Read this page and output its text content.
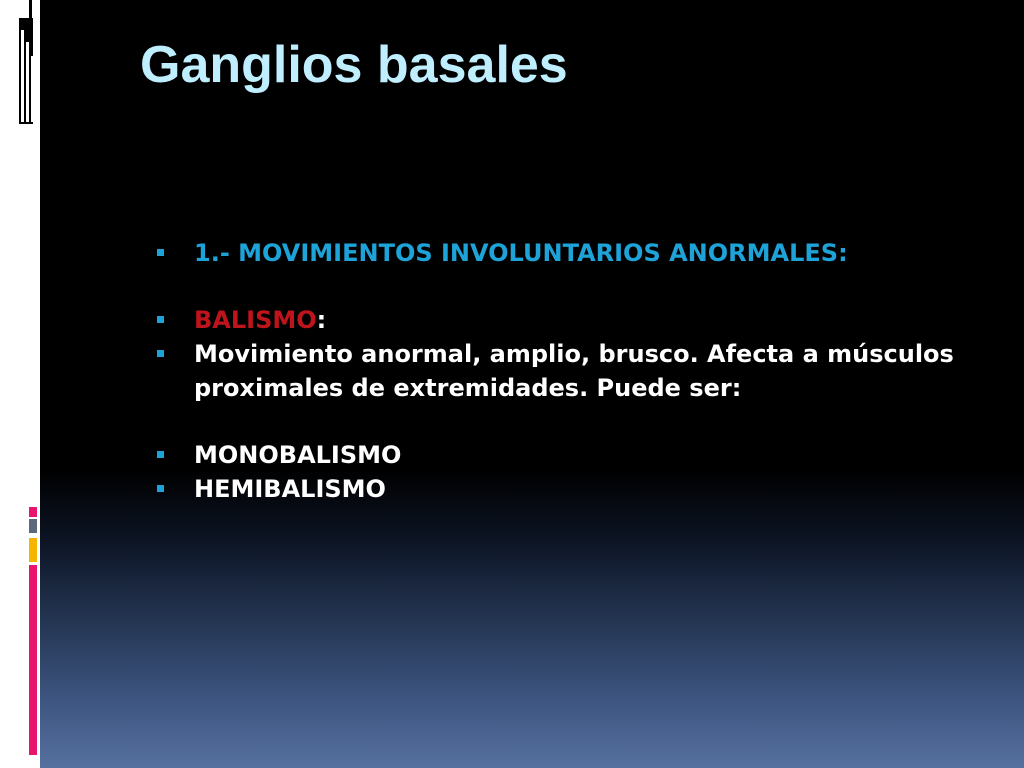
Ganglios basales
1.- MOVIMIENTOS INVOLUNTARIOS ANORMALES:
BALISMO:
Movimiento anormal, amplio, brusco. Afecta a músculos proximales de extremidades. Puede ser:
MONOBALISMO
HEMIBALISMO
